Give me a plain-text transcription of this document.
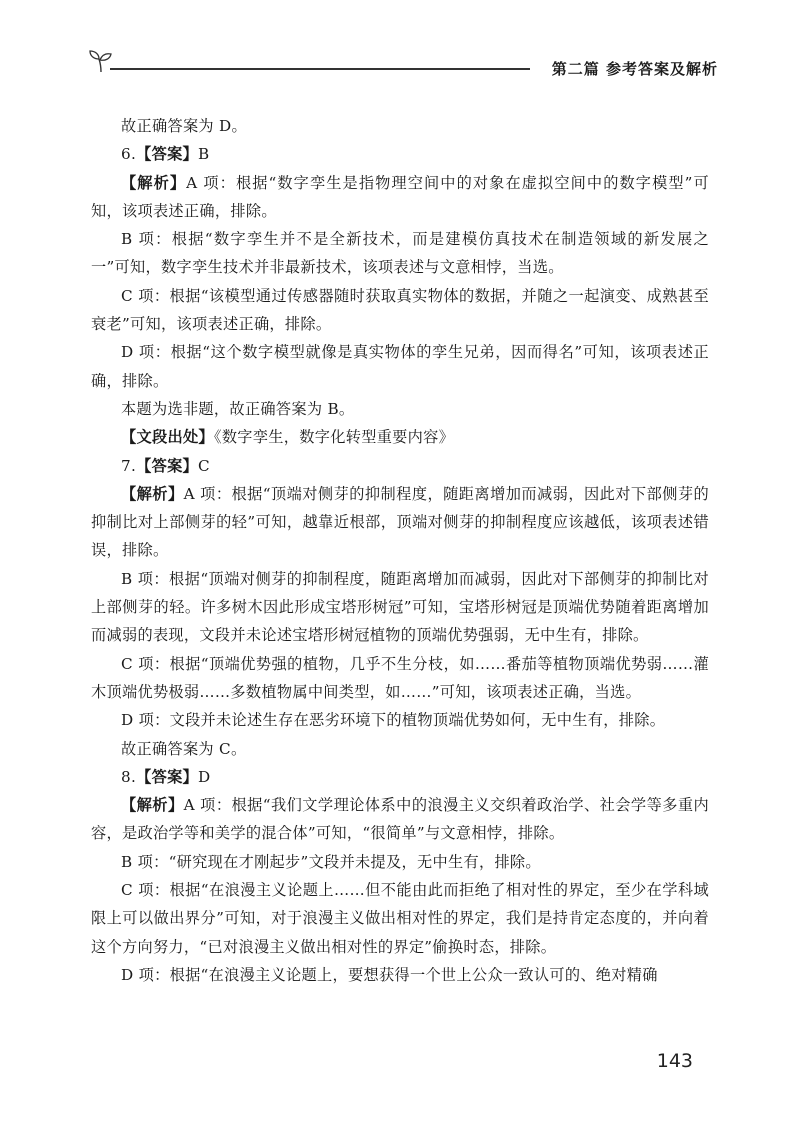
第二篇 参考答案及解析

故正确答案为 D。

6.【答案】B

【解析】A 项：根据“数字孪生是指物理空间中的对象在虚拟空间中的数字模型”可知，该项表述正确，排除。

B 项：根据“数字孪生并不是全新技术，而是建模仿真技术在制造领域的新发展之一”可知，数字孪生技术并非最新技术，该项表述与文意相悖，当选。

C 项：根据“该模型通过传感器随时获取真实物体的数据，并随之一起演变、成熟甚至衰老”可知，该项表述正确，排除。

D 项：根据“这个数字模型就像是真实物体的孪生兄弟，因而得名”可知，该项表述正确，排除。

本题为选非题，故正确答案为 B。

【文段出处】《数字孪生，数字化转型重要内容》

7.【答案】C

【解析】A 项：根据“顶端对侧芽的抑制程度，随距离增加而减弱，因此对下部侧芽的抑制比对上部侧芽的轻”可知，越靠近根部，顶端对侧芽的抑制程度应该越低，该项表述错误，排除。

B 项：根据“顶端对侧芽的抑制程度，随距离增加而减弱，因此对下部侧芽的抑制比对上部侧芽的轻。许多树木因此形成宝塔形树冠”可知，宝塔形树冠是顶端优势随着距离增加而减弱的表现，文段并未论述宝塔形树冠植物的顶端优势强弱，无中生有，排除。

C 项：根据“顶端优势强的植物，几乎不生分枝，如……番茄等植物顶端优势弱……灌木顶端优势极弱……多数植物属中间类型，如……”可知，该项表述正确，当选。

D 项：文段并未论述生存在恶劣环境下的植物顶端优势如何，无中生有，排除。

故正确答案为 C。

8.【答案】D

【解析】A 项：根据“我们文学理论体系中的浪漫主义交织着政治学、社会学等多重内容，是政治学等和美学的混合体”可知，“很简单”与文意相悖，排除。

B 项：“研究现在才刚起步”文段并未提及，无中生有，排除。

C 项：根据“在浪漫主义论题上……但不能由此而拒绝了相对性的界定，至少在学科域限上可以做出界分”可知，对于浪漫主义做出相对性的界定，我们是持肯定态度的，并向着这个方向努力，“已对浪漫主义做出相对性的界定”偷换时态，排除。

D 项：根据“在浪漫主义论题上，要想获得一个世上公众一致认可的、绝对精确

143
